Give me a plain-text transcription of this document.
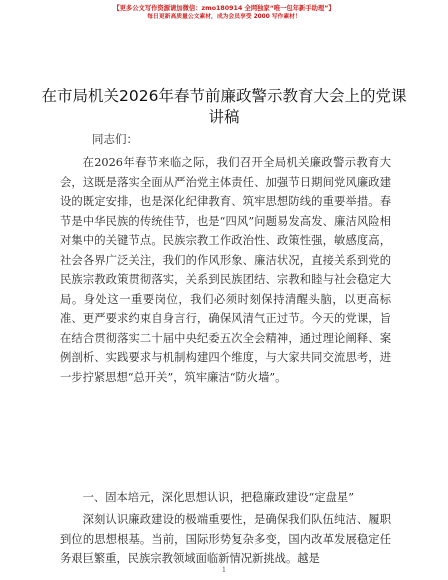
【更多公文写作资源请加微信：zmo180914 全网独家“唯一包年新手助理”】
每日更新高质量公文素材，成为会员享受 2000 写作素材！
在市局机关2026年春节前廉政警示教育大会上的党课讲稿
同志们：

在2026年春节来临之际，我们召开全局机关廉政警示教育大会，这既是落实全面从严治党主体责任、加强节日期间党风廉政建设的既定安排，也是深化纪律教育、筑牢思想防线的重要举措。春节是中华民族的传统佳节，也是“四风”问题易发高发、廉洁风险相对集中的关键节点。民族宗教工作政治性、政策性强，敏感度高，社会各界广泛关注，我们的作风形象、廉洁状况，直接关系到党的民族宗教政策贯彻落实，关系到民族团结、宗教和睦与社会稳定大局。身处这一重要岗位，我们必须时刻保持清醒头脑，以更高标准、更严要求约束自身言行，确保风清气正过节。今天的党课，旨在结合贯彻落实二十届中央纪委五次全会精神，通过理论阐释、案例剖析、实践要求与机制构建四个维度，与大家共同交流思考，进一步拧紧思想“总开关”，筑牢廉洁“防火墙”。

一、固本培元，深化思想认识，把稳廉政建设“定盘星”

深刻认识廉政建设的极端重要性，是确保我们队伍纯洁、履职到位的思想根基。当前，国际形势复杂多变，国内改革发展稳定任务艰巨繁重，民族宗教领域面临新情况新挑战。越是

1
